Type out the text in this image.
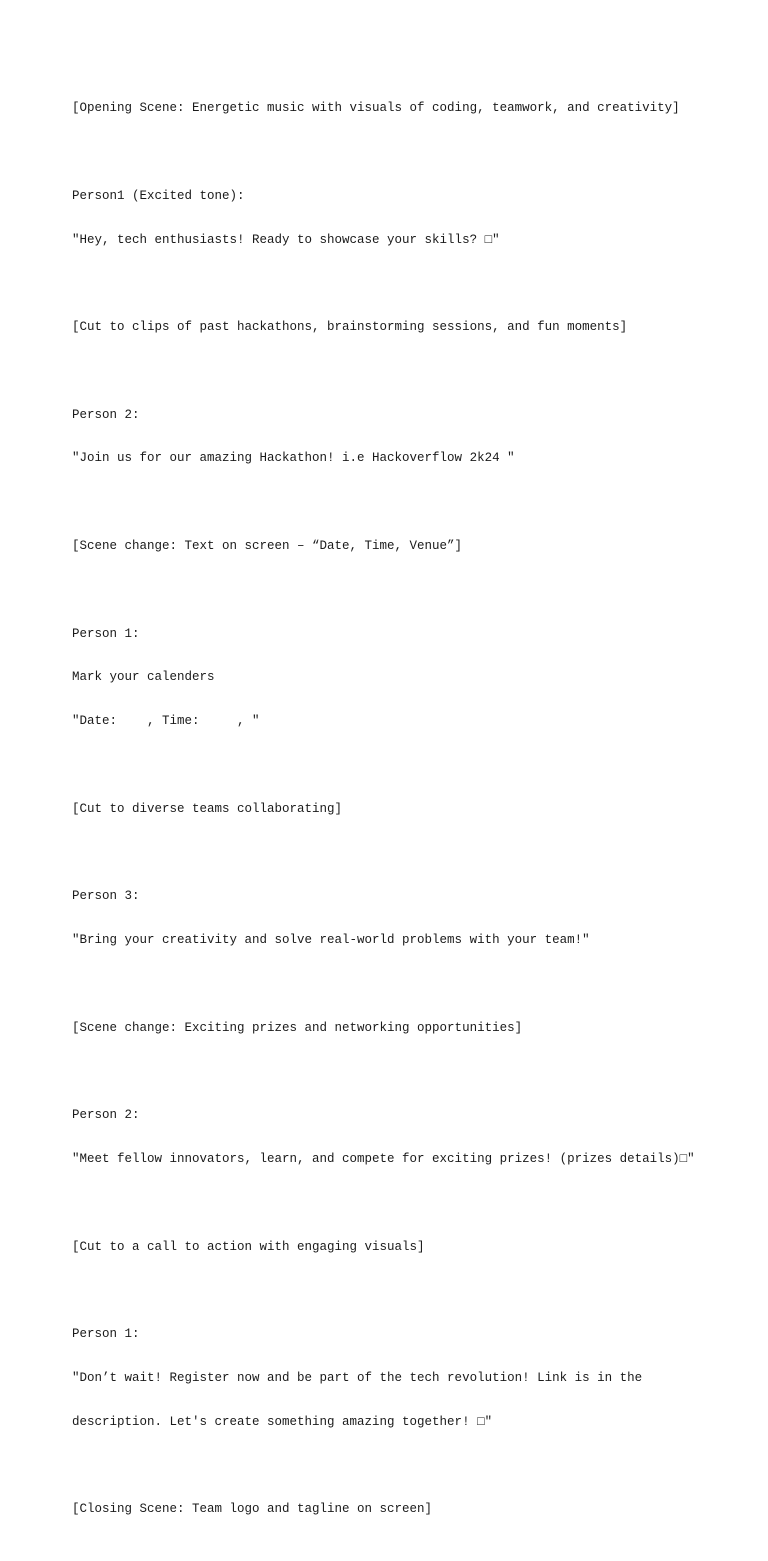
[Opening Scene: Energetic music with visuals of coding, teamwork, and creativity]

Person1 (Excited tone):

"Hey, tech enthusiasts! Ready to showcase your skills? □"

[Cut to clips of past hackathons, brainstorming sessions, and fun moments]

Person 2:

"Join us for our amazing Hackathon! i.e Hackoverflow 2k24 "

[Scene change: Text on screen – “Date, Time, Venue”]

Person 1:

Mark your calenders

"Date:    , Time:     , "

[Cut to diverse teams collaborating]

Person 3:

"Bring your creativity and solve real-world problems with your team!"

[Scene change: Exciting prizes and networking opportunities]

Person 2:

"Meet fellow innovators, learn, and compete for exciting prizes! (prizes details)□"

[Cut to a call to action with engaging visuals]

Person 1:

"Don’t wait! Register now and be part of the tech revolution! Link is in the

description. Let's create something amazing together! □"

[Closing Scene: Team logo and tagline on screen]
